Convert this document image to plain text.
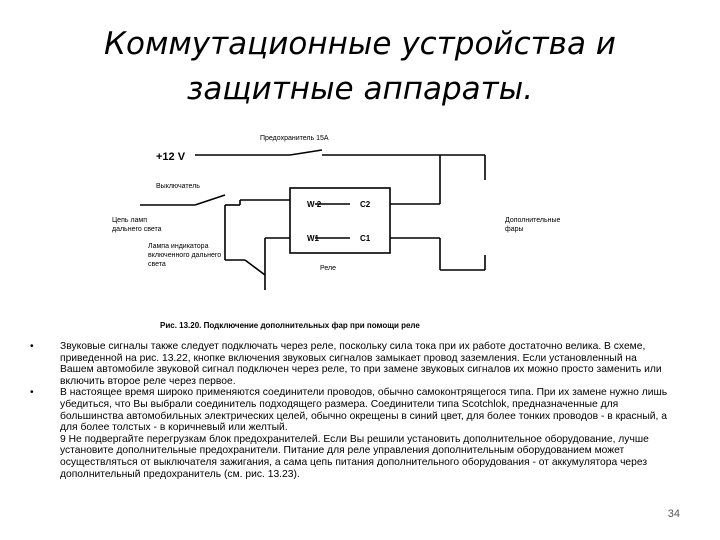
Коммутационные устройства и
защитные аппараты.
Предохранитель 15А
+12 V
Выключатель
Цепь ламп
дальнего света
Лампа индикатора
включенного дальнего
света
Реле
W 2
W1
C2
C1
Дополнительные
фары
Рис. 13.20. Подключение дополнительных фар при помощи реле
•	Звуковые сигналы также следует подключать через реле, поскольку сила тока при их работе достаточно велика. В схеме, приведенной на рис. 13.22, кнопке включения звуковых сигналов замыкает провод заземления. Если установленный на Вашем автомобиле звуковой сигнал подключен через реле, то при замене звуковых сигналов их можно просто заменить или включить второе реле через первое.

•	В настоящее время широко применяются соединители проводов, обычно самоконтрящегося типа. При их замене нужно лишь убедиться, что Вы выбрали соединитель подходящего размера. Соединители типа Scotchlok, предназначенные для большинства автомобильных электрических целей, обычно окрещены в синий цвет, для более тонких проводов - в красный, а для более толстых - в коричневый или желтый.

9 Не подвергайте перегрузкам блок предохранителей. Если Вы решили установить дополнительное оборудование, лучше установите дополнительные предохранители. Питание для реле управления дополнительным оборудованием может осуществляться от выключателя зажигания, а сама цепь питания дополнительного оборудования - от аккумулятора через дополнительный предохранитель (см. рис. 13.23).

34
